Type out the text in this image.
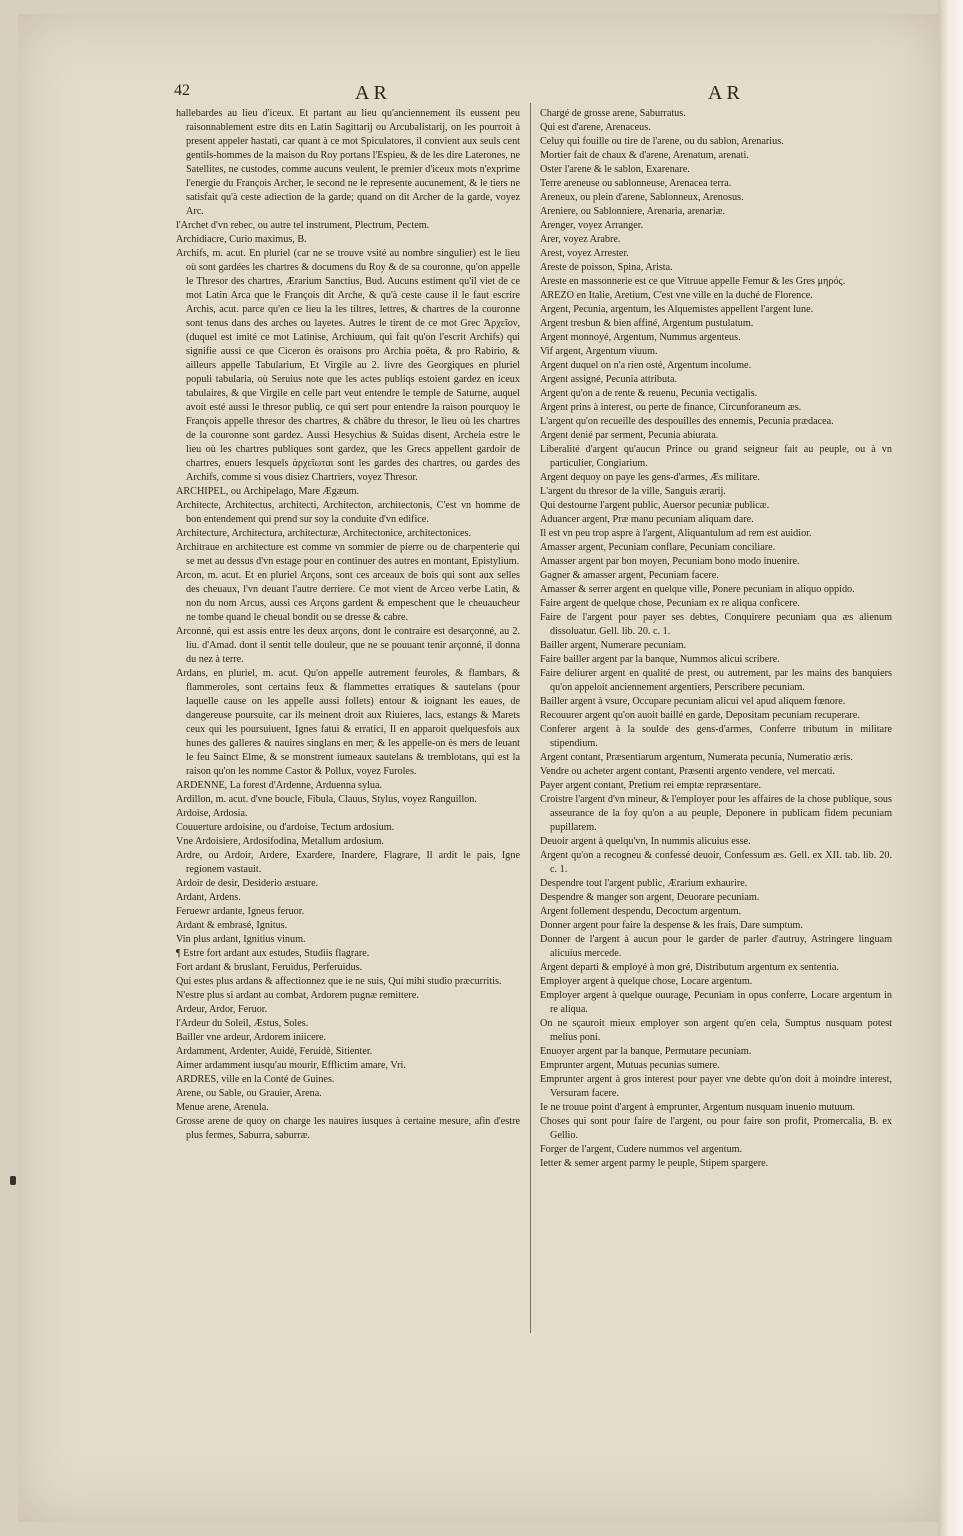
42	AR	AR

hallebardes au lieu d'iceux. Et partant au lieu qu'anciennement ils eussent peu raisonnablement estre dits en Latin Sagittarij ou Arcubalistarij, on les pourroit à present appeler hastati, car quant à ce mot Spiculatores, il convient aux seuls cent gentils-hommes de la maison du Roy portans l'Espieu, & de les dire Laterones, ne Satellites, ne custodes, comme aucuns veulent, le premier d'iceux mots n'exprime l'energie du François Archer, le second ne le represente aucunement, & le tiers ne satisfait qu'à ceste adiection de la garde; quand on dit Archer de la garde, voyez Arc.

l'Archet d'vn rebec, ou autre tel instrument, Plectrum, Pectem.

Archidiacre, Curio maximus, B.

Archifs, m. acut. En pluriel (car ne se trouve vsité au nombre singulier) est le lieu où sont gardées les chartres & documens du Roy & de sa couronne, qu'on appelle le Thresor des chartres, Ærarium Sanctius, Bud. Aucuns estiment qu'il viet de ce mot Latin Arca que le François dit Arche, & qu'à ceste cause il le faut escrire Archis, acut. parce qu'en ce lieu la les tiltres, lettres, & chartres de la couronne sont tenus dans des arches ou layetes. Autres le tirent de ce mot Grec Ἀρχεῖον, (duquel est imité ce mot Latinise, Archiuum, qui fait qu'on l'escrit Archifs) qui signifie aussi ce que Ciceron ès oraisons pro Archia poëta, & pro Rabirio, & ailleurs appelle Tabularium, Et Virgile au 2. livre des Georgiques en pluriel populi tabularia, où Seruius note que les actes publiqs estoient gardez en iceux tabulaires, & que Virgile en celle part veut entendre le temple de Saturne, auquel avoit esté aussi le thresor publiq, ce qui sert pour entendre la raison pourquoy le François appelle thresor des chartres, & châbre du thresor, le lieu où les chartres de la couronne sont gardez. Aussi Hesychius & Suidas disent, Archeia estre le lieu où les chartres publiques sont gardez, que les Grecs appellent gardoir de chartres, enuers lesquels ἀρχεῖωται sont les gardes des chartres, ou gardes des Archifs, comme si vous disiez Chartriers, voyez Thresor.

ARCHIPEL, ou Archipelago, Mare Ægæum.

Architecte, Architectus, architecti, Architecton, architectonis, C'est vn homme de bon entendement qui prend sur soy la conduite d'vn edifice.

Architecture, Architectura, architecturæ, Architectonice, architectonices.

Architraue en architecture est comme vn sommier de pierre ou de charpenterie qui se met au dessus d'vn estage pour en continuer des autres en montant, Epistylium.

Arcon, m. acut. Et en pluriel Arçons, sont ces arceaux de bois qui sont aux selles des cheuaux, l'vn deuant l'autre derriere. Ce mot vient de Arceo verbe Latin, & non du nom Arcus, aussi ces Arçons gardent & empeschent que le cheuaucheur ne tombe quand le cheual bondit ou se dresse & cabre.

Arconné, qui est assis entre les deux arçons, dont le contraire est desarçonné, au 2. liu. d'Amad. dont il sentit telle douleur, que ne se pouuant tenir arçonné, il donna du nez à terre.

Ardans, en pluriel, m. acut. Qu'on appelle autrement feuroles, & flambars, & flammeroles, sont certains feux & flammettes erratiques & sautelans (pour laquelle cause on les appelle aussi follets) entour & ioignant les eaues, de dangereuse poursuite, car ils meinent droit aux Riuieres, lacs, estangs & Marets ceux qui les poursuiuent, Ignes fatui & erratici, Il en apparoit quelquesfois aux hunes des galleres & nauires singlans en mer; & les appelle-on ès mers de leuant le feu Sainct Elme, & se monstrent iumeaux sautelans & tremblotans, qui est la raison qu'on les nomme Castor & Pollux, voyez Furoles.

ARDENNE, La forest d'Ardenne, Arduenna sylua.

Ardillon, m. acut. d'vne boucle, Fibula, Clauus, Stylus, voyez Ranguillon.

Ardoise, Ardosia.

Couuerture ardoisine, ou d'ardoise, Tectum ardosium.

Vne Ardoisiere, Ardosifodina, Metallum ardosium.

Ardre, ou Ardoir, Ardere, Exardere, Inardere, Flagrare, Il ardit le pais, Igne regionem vastauit.

Ardoir de desir, Desiderio æstuare.

Ardant, Ardens.

Feruewr ardante, Igneus feruor.

Ardant & embrasé, Ignitus.

Vin plus ardant, Ignitius vinum.

¶ Estre fort ardant aux estudes, Studiis flagrare.

Fort ardant & bruslant, Feruidus, Perferuidus.

Qui estes plus ardans & affectionnez que ie ne suis, Qui mihi studio præcurritis.

N'estre plus si ardant au combat, Ardorem pugnæ remittere.

Ardeur, Ardor, Feruor.

l'Ardeur du Soleil, Æstus, Soles.

Bailler vne ardeur, Ardorem iniicere.

Ardamment, Ardenter, Auidè, Feruidè, Sitienter.

Aimer ardamment iusqu'au mourir, Efflictim amare, Vri.

ARDRES, ville en la Conté de Guines.

Arene, ou Sable, ou Grauier, Arena.

Menue arene, Arenula.

Grosse arene de quoy on charge les nauires iusques à certaine mesure, afin d'estre plus fermes, Saburra, saburræ.

Chargé de grosse arene, Saburratus.

Qui est d'arene, Arenaceus.

Celuy qui fouille ou tire de l'arene, ou du sablon, Arenarius.

Mortier fait de chaux & d'arene, Arenatum, arenati.

Oster l'arene & le sablon, Exarenare.

Terre areneuse ou sablonneuse, Arenacea terra.

Areneux, ou plein d'arene, Sablonneux, Arenosus.

Areniere, ou Sablonniere, Arenaria, arenariæ.

Arenger, voyez Arranger.

Arer, voyez Arabre.

Arest, voyez Arrester.

Areste de poisson, Spina, Arista.

Areste en massonnerie est ce que Vitruue appelle Femur & les Gres μηρός.

AREZO en Italie, Aretium, C'est vne ville en la duché de Florence.

Argent, Pecunia, argentum, les Alquemistes appellent l'argent lune.

Argent tresbun & bien affiné, Argentum pustulatum.

Argent monnoyé, Argentum, Nummus argenteus.

Vif argent, Argentum viuum.

Argent duquel on n'a rien osté, Argentum incolume.

Argent assigné, Pecunia attributa.

Argent qu'on a de rente & reuenu, Pecunia vectigalis.

Argent prins à interest, ou perte de finance, Circunforaneum æs.

L'argent qu'on recueille des despouilles des ennemis, Pecunia prædacea.

Argent denié par serment, Pecunia abiurata.

Liberalité d'argent qu'aucun Prince ou grand seigneur fait au peuple, ou à vn particulier, Congiarium.

Argent dequoy on paye les gens-d'armes, Æs militare.

L'argent du thresor de la ville, Sanguis ærarij.

Qui destourne l'argent public, Auersor pecuniæ publicæ.

Aduancer argent, Præ manu pecuniam aliquam dare.

Il est vn peu trop aspre à l'argent, Aliquantulum ad rem est auidior.

Amasser argent, Pecuniam conflare, Pecuniam conciliare.

Amasser argent par bon moyen, Pecuniam bono modo inuenire.

Gagner & amasser argent, Pecuniam facere.

Amasser & serrer argent en quelque ville, Ponere pecuniam in aliquo oppido.

Faire argent de quelque chose, Pecuniam ex re aliqua conficere.

Faire de l'argent pour payer ses debtes, Conquirere pecuniam qua æs alienum dissoluatur. Gell. lib. 20. c. 1.

Bailler argent, Numerare pecuniam.

Faire bailler argent par la banque, Nummos alicui scribere.

Faire deliurer argent en qualité de prest, ou autrement, par les mains des banquiers qu'on appeloit anciennement argentiers, Perscribere pecuniam.

Bailler argent à vsure, Occupare pecuniam alicui vel apud aliquem fœnore.

Recouurer argent qu'on auoit baillé en garde, Depositam pecuniam recuperare.

Conferer argent à la soulde des gens-d'armes, Conferre tributum in militare stipendium.

Argent contant, Præsentiarum argentum, Numerata pecunia, Numeratio æris.

Vendre ou acheter argent contant, Præsenti argento vendere, vel mercati.

Payer argent contant, Pretium rei emptæ repræsentare.

Croistre l'argent d'vn mineur, & l'employer pour les affaires de la chose publique, sous asseurance de la foy qu'on a au peuple, Deponere in publicam fidem pecuniam pupillarem.

Deuoir argent à quelqu'vn, In nummis alicuius esse.

Argent qu'on a recogneu & confessé deuoir, Confessum æs. Gell. ex XII. tab. lib. 20. c. 1.

Despendre tout l'argent public, Ærarium exhaurire.

Despendre & manger son argent, Deuorare pecuniam.

Argent follement despendu, Decoctum argentum.

Donner argent pour faire la despense & les frais, Dare sumptum.

Donner de l'argent à aucun pour le garder de parler d'autruy, Astringere linguam alicuius mercede.

Argent departi & employé à mon gré, Distributum argentum ex sententia.

Employer argent à quelque chose, Locare argentum.

Employer argent à quelque ouurage, Pecuniam in opus conferre, Locare argentum in re aliqua.

On ne sçauroit mieux employer son argent qu'en cela, Sumptus nusquam potest melius poni.

Enuoyer argent par la banque, Permutare pecuniam.

Emprunter argent, Mutuas pecunias sumere.

Emprunter argent à gros interest pour payer vne debte qu'on doit à moindre interest, Versuram facere.

Ie ne trouue point d'argent à emprunter, Argentum nusquam inuenio mutuum.

Choses qui sont pour faire de l'argent, ou pour faire son profit, Promercalia, B. ex Gellio.

Forger de l'argent, Cudere nummos vel argentum.

Ietter & semer argent parmy le peuple, Stipem spargere.
